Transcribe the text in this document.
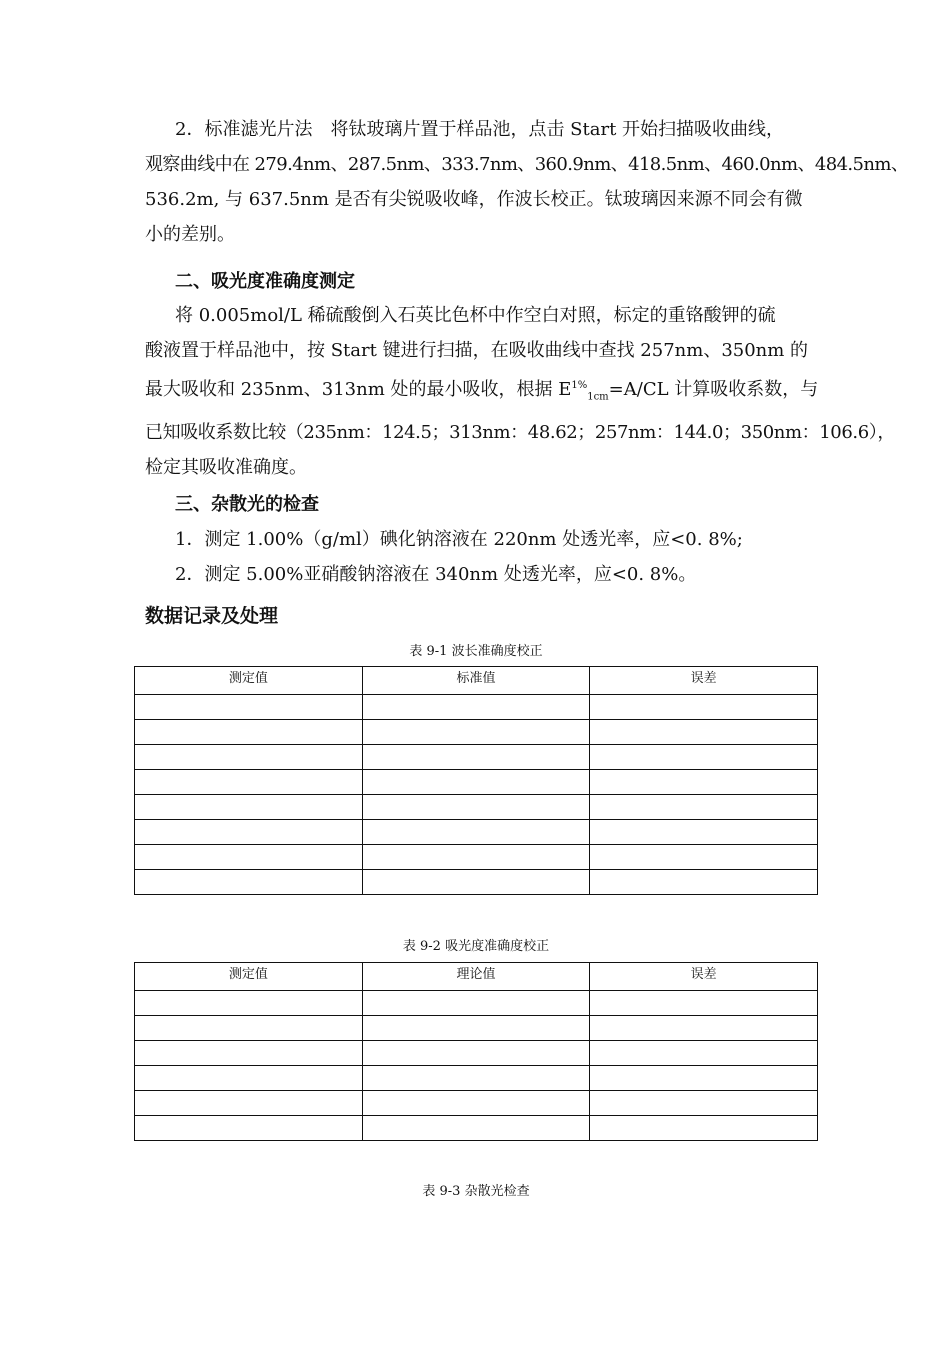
2．标准滤光片法　将钛玻璃片置于样品池，点击 Start 开始扫描吸收曲线，
观察曲线中在 279.4nm、287.5nm、333.7nm、360.9nm、418.5nm、460.0nm、484.5nm、
536.2m, 与 637.5nm 是否有尖锐吸收峰，作波长校正。钛玻璃因来源不同会有微
小的差别。

二、吸光度准确度测定

将 0.005mol/L 稀硫酸倒入石英比色杯中作空白对照，标定的重铬酸钾的硫
酸液置于样品池中，按 Start 键进行扫描，在吸收曲线中查找 257nm、350nm 的
最大吸收和 235nm、313nm 处的最小吸收，根据 $E^{1\%}_{1cm}=A/CL$ 计算吸收系数，与
已知吸收系数比较（235nm：124.5；313nm：48.62；257nm：144.0；350nm：106.6），
检定其吸收准确度。

三、杂散光的检查

1．测定 1.00%（g/ml）碘化钠溶液在 220nm 处透光率，应<0. 8%;
2．测定 5.00%亚硝酸钠溶液在 340nm 处透光率，应<0. 8%。

数据记录及处理

表 9-1 波长准确度校正

测定值	标准值	误差

表 9-2 吸光度准确度校正

测定值	理论值	误差

表 9-3 杂散光检查
